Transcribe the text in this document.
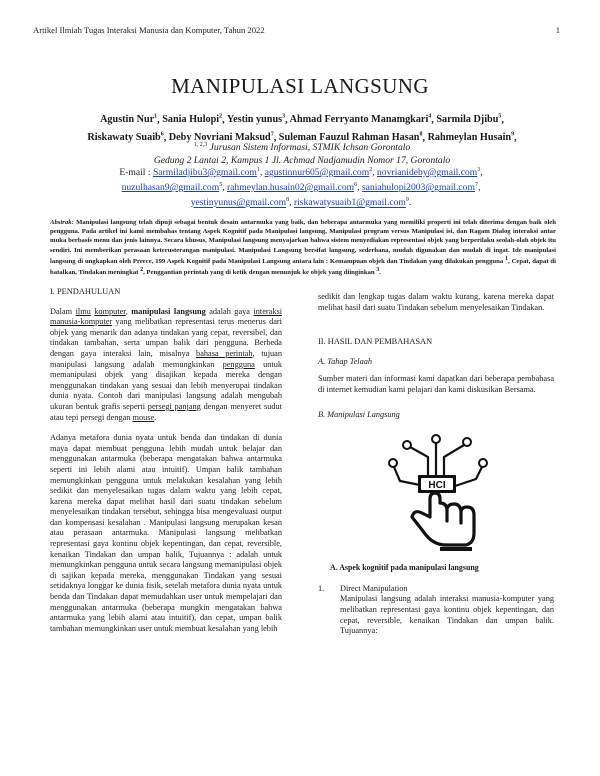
Artikel Ilmiah Tugas Interaksi Manusia dan Komputer, Tahun 2022	1
MANIPULASI LANGSUNG
Agustin Nur$^1$, Sania Hulopi$^2$, Yestin yunus$^3$, Ahmad Ferryanto Manamgkari$^4$, Sarmila Djibu$^5$,
Riskawaty Suaib$^6$, Deby Novriani Maksud$^7$, Suleman Fauzul Rahman Hasan$^8$, Rahmeylan Husain$^9$,
$^{1, 2,3}$ Jurusan Sistem Informasi, STMIK Ichsan Gorontalo
Gedung 2 Lantai 2, Kampus 1 Jl. Achmad Nadjamudin Nomor 17, Gorontalo
E-mail : Sarmiladjibu3@gmail.com$^1$, agustinnur605@gmail.com$^2$, novrianideby@gmail.com$^3$,
nuzulhasan9@gmail.com$^5$, rahmeylan.husain02@gmail.com$^6$, saniahulopi2003@gmail.com$^7$,
yestinyunus@gmail.com$^8$, riskawatysuaib1@gmail.com$^9$.
Abstrak: Manipulasi langsung telah dipuji sebagai bentuk desain antarmuka yang baik, dan beberapa antarmuka yang memiliki properti ini telah diterima dengan baik oleh pengguna. Pada artikel ini kami membahas tentang Aspek Kognitif pada Manipulasi langsung, Manipulasi program versus Manipulasi isi, dan Ragam Dialog interaksi antar muka berbasis menu dan jenis lainnya. Secara khusus, Manipulasi langsung menyajarkan bahwa sistem menyediakan representasi objek yang berperilaku seolah-olah objek itu sendiri. Ini memberikan perasaan keterusterangan manipulasi. Manipulasi Langsung bersifat langsung, sederhana, mudah digunakan dan mudah di ingat. Ide manipulasi langsung di ungkapkan oleh Preece, 199 Aspek Kognitif pada Manipulasi Langsung antara lain : Kemampuan objek dan Tindakan yang dilakukan pengguna $^1$, Cepat, dapat di batalkan, Tindakan meningkat $^2$, Penggantian perintah yang di ketik dengan menunjuk ke objek yang diinginkan $^3$.
I. PENDAHULUAN

Dalam ilmu komputer, manipulasi langsung adalah gaya interaksi manusia-komputer yang melibatkan representasi terus menerus dari objek yang menarik dan adanya tindakan yang cepat, reversibel, dan tindakan tambahan, serta umpan balik dari pengguna. Berbeda dengan gaya interaksi lain, misalnya bahasa perintah, tujuan manipulasi langsung adalah memungkinkan pengguna untuk memanipulasi objek yang disajikan kepada mereka dengan menggunakan tindakan yang sesuai dan lebih menyerupai tindakan dunia nyata. Contoh dari manipulasi langsung adalah mengubah ukuran bentuk grafis seperti persegi panjang dengan menyeret sudut atau tepi persegi dengan mouse.

Adanya metafora dunia nyata untuk benda dan tindakan di dunia maya dapat membuat pengguna lebih mudah untuk belajar dan menggunakan antarmuka (beberapa mengatakan bahwa antarmuka seperti ini lebih alami atau intuitif). Umpan balik tambahan memungkinkan pengguna untuk melakukan kesalahan yang lebih sedikit dan menyelesaikan tugas dalam waktu yang lebih cepat, karena mereka dapat melihat hasil dari suatu tindakan sebelum menyelesaikan tindakan tersebut, sehingga bisa mengevaluasi output dan kompensasi kesalahan . Manipulasi langsung merupakan kesan atau perasaan antarmuka. Manipulasi langsung melibatkan representasi gaya kontinu objek kepentingan, dan cepat, reversible, kenaikan Tindakan dan umpan balik, Tujuannya : adalah untuk memungkinkan pengguna untuk secara langsung memanipulasi objek di sajikan kepada mereka, menggunakan Tindakan yang sesuai setidaknya longgar ke dunia fisik, setelah metafora dunia nyata untuk benda dan Tindakan dapat memudahkan user untuk mempelajari dan menggunakan antarmuka (beberapa mungkin mengatakan bahwa antarmuka yang lebih alami atau intuitif), dan cepat, umpan balik tambahan memungkinkan user untuk membuat kesalahan yang lebih

sedikit dan lengkap tugas dalam waktu kurang, karena mereka dapat melihat hasil dari suatu Tindakan sebelum menyelesaikan Tindakan.

II. HASIL DAN PEMBAHASAN
A. Tahap Telaah

Sumber materi dan informasi kami dapatkan dari beberapa pembahasa di internet kemudian kami pelajari dan kami diskusikan Bersama.

B. Manipulasi Langsung
HCI
A. Aspek kognitif pada manipulasi langsung
1. Direct Manipulation
Manipulasi langsung adalah interaksi manusia-komputer yang melibatkan representasi gaya kontinu objek kepentingan, dan cepat, reversible, kenaikan Tindakan dan umpan balik. Tujuannya:
